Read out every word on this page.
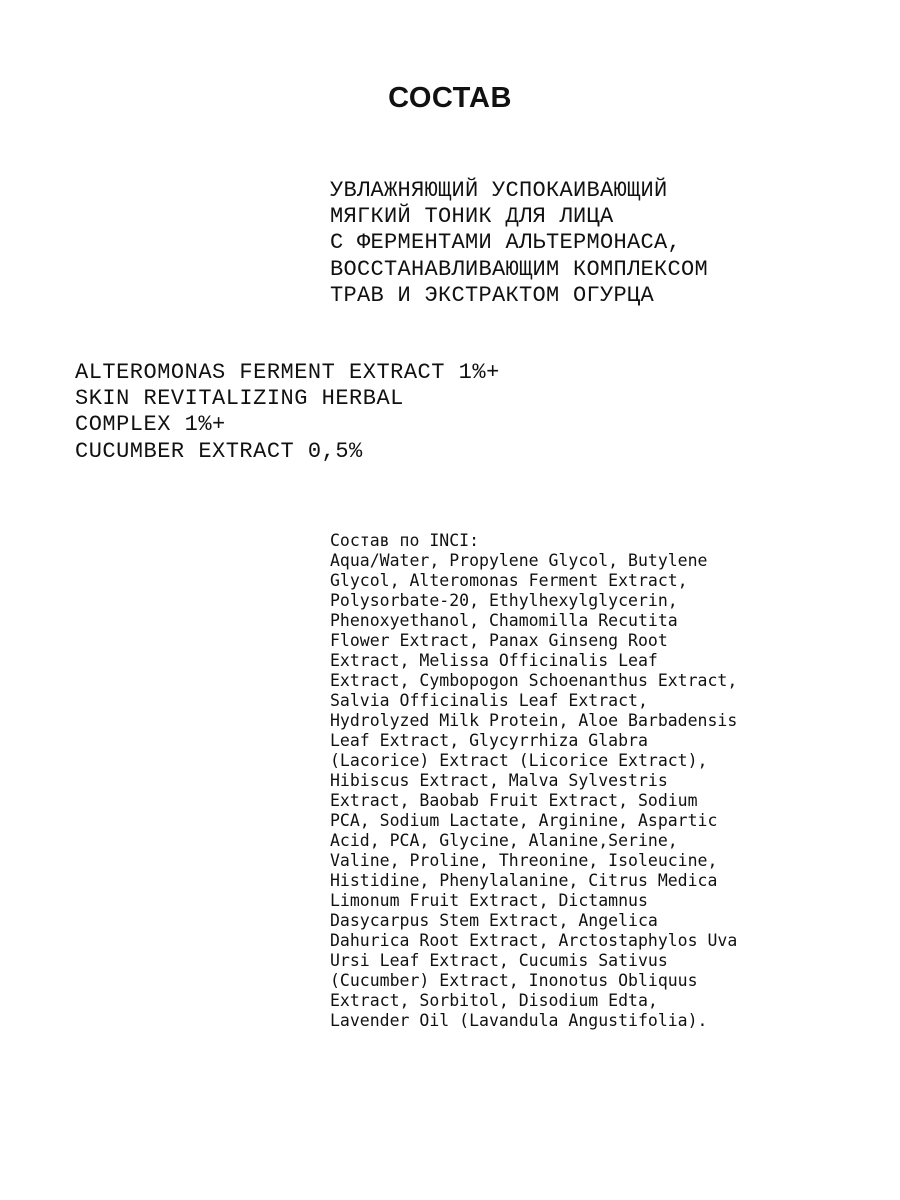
СОСТАВ
УВЛАЖНЯЮЩИЙ УСПОКАИВАЮЩИЙ
МЯГКИЙ ТОНИК ДЛЯ ЛИЦА
С ФЕРМЕНТАМИ АЛЬТЕРМОНАСА,
ВОССТАНАВЛИВАЮЩИМ КОМПЛЕКСОМ
ТРАВ И ЭКСТРАКТОМ ОГУРЦА
ALTEROMONAS FERMENT EXTRACT 1%+
SKIN REVITALIZING HERBAL
COMPLEX 1%+
CUCUMBER EXTRACT 0,5%
Состав по INCI:
Aqua/Water, Propylene Glycol, Butylene
Glycol, Alteromonas Ferment Extract,
Polysorbate-20, Ethylhexylglycerin,
Phenoxyethanol, Chamomilla Recutita
Flower Extract, Panax Ginseng Root
Extract, Melissa Officinalis Leaf
Extract, Cymbopogon Schoenanthus Extract,
Salvia Officinalis Leaf Extract,
Hydrolyzed Milk Protein, Aloe Barbadensis
Leaf Extract, Glycyrrhiza Glabra
(Lacorice) Extract (Licorice Extract),
Hibiscus Extract, Malva Sylvestris
Extract, Baobab Fruit Extract, Sodium
PCA, Sodium Lactate, Arginine, Aspartic
Acid, PCA, Glycine, Alanine,Serine,
Valine, Proline, Threonine, Isoleucine,
Histidine, Phenylalanine, Citrus Medica
Limonum Fruit Extract, Dictamnus
Dasycarpus Stem Extract, Angelica
Dahurica Root Extract, Arctostaphylos Uva
Ursi Leaf Extract, Cucumis Sativus
(Cucumber) Extract, Inonotus Obliquus
Extract, Sorbitol, Disodium Edta,
Lavender Oil (Lavandula Angustifolia).
